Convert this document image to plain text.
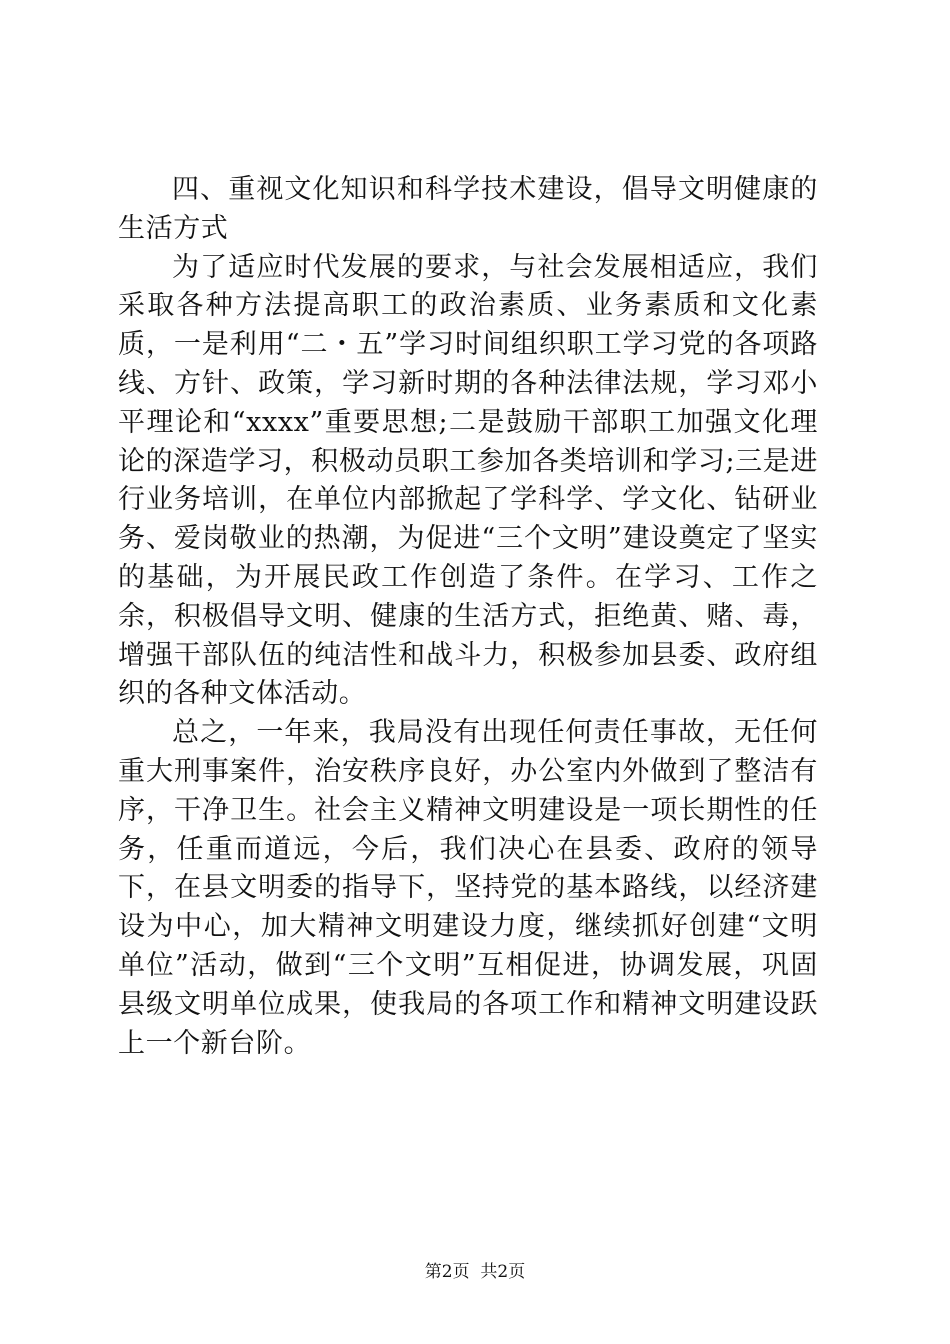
四、重视文化知识和科学技术建设，倡导文明健康的生活方式

为了适应时代发展的要求，与社会发展相适应，我们采取各种方法提高职工的政治素质、业务素质和文化素质，一是利用“二・五”学习时间组织职工学习党的各项路线、方针、政策，学习新时期的各种法律法规，学习邓小平理论和“xxxx”重要思想;二是鼓励干部职工加强文化理论的深造学习，积极动员职工参加各类培训和学习;三是进行业务培训，在单位内部掀起了学科学、学文化、钻研业务、爱岗敬业的热潮，为促进“三个文明”建设奠定了坚实的基础，为开展民政工作创造了条件。在学习、工作之余，积极倡导文明、健康的生活方式，拒绝黄、赌、毒，增强干部队伍的纯洁性和战斗力，积极参加县委、政府组织的各种文体活动。

总之，一年来，我局没有出现任何责任事故，无任何重大刑事案件，治安秩序良好，办公室内外做到了整洁有序，干净卫生。社会主义精神文明建设是一项长期性的任务，任重而道远，今后，我们决心在县委、政府的领导下，在县文明委的指导下，坚持党的基本路线，以经济建设为中心，加大精神文明建设力度，继续抓好创建“文明单位”活动，做到“三个文明”互相促进，协调发展，巩固县级文明单位成果，使我局的各项工作和精神文明建设跃上一个新台阶。

第2页  共2页
